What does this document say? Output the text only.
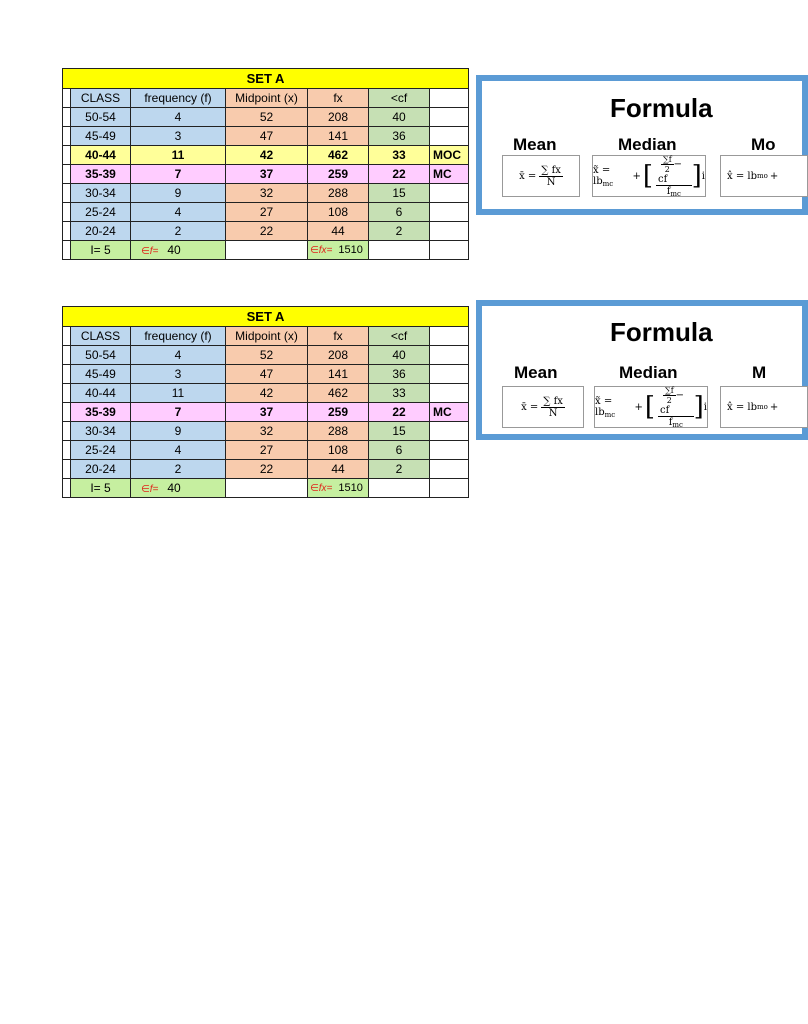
SET A						
	CLASS	frequency (f)	Midpoint (x)	fx	<cf	
	50-54	4	52	208	40	
	45-49	3	47	141	36	
	40-44	11	42	462	33	MOC
	35-39	7	37	259	22	MC
	30-34	9	32	288	15	
	25-24	4	27	108	6	
	20-24	2	22	44	2	
	I= 5	∈f= 40		∈fx= 1510		
SET A						
	CLASS	frequency (f)	Midpoint (x)	fx	<cf	
	50-54	4	52	208	40	
	45-49	3	47	141	36	
	40-44	11	42	462	33	
	35-39	7	37	259	22	MC
	30-34	9	32	288	15	
	25-24	4	27	108	6	
	20-24	2	22	44	2	
	I= 5	∈f= 40		∈fx= 1510		
Formula
Mean	Median	Mo
x̄ = $\frac{\sum fx}{N}$	x̃ = $lb_{mc}$
+ [ $\frac{\frac{\sum f}{2} - cf}{f_{mc}}$ ] i x̂ = lb mo +
Formula
Mean	Median	M
x̄ = $\frac{\sum fx}{N}$	x̃ = $lb_{mc}$
+ [ $\frac{\frac{\sum f}{2} - cf}{f_{mc}}$ ] i x̂ = lb mo +
